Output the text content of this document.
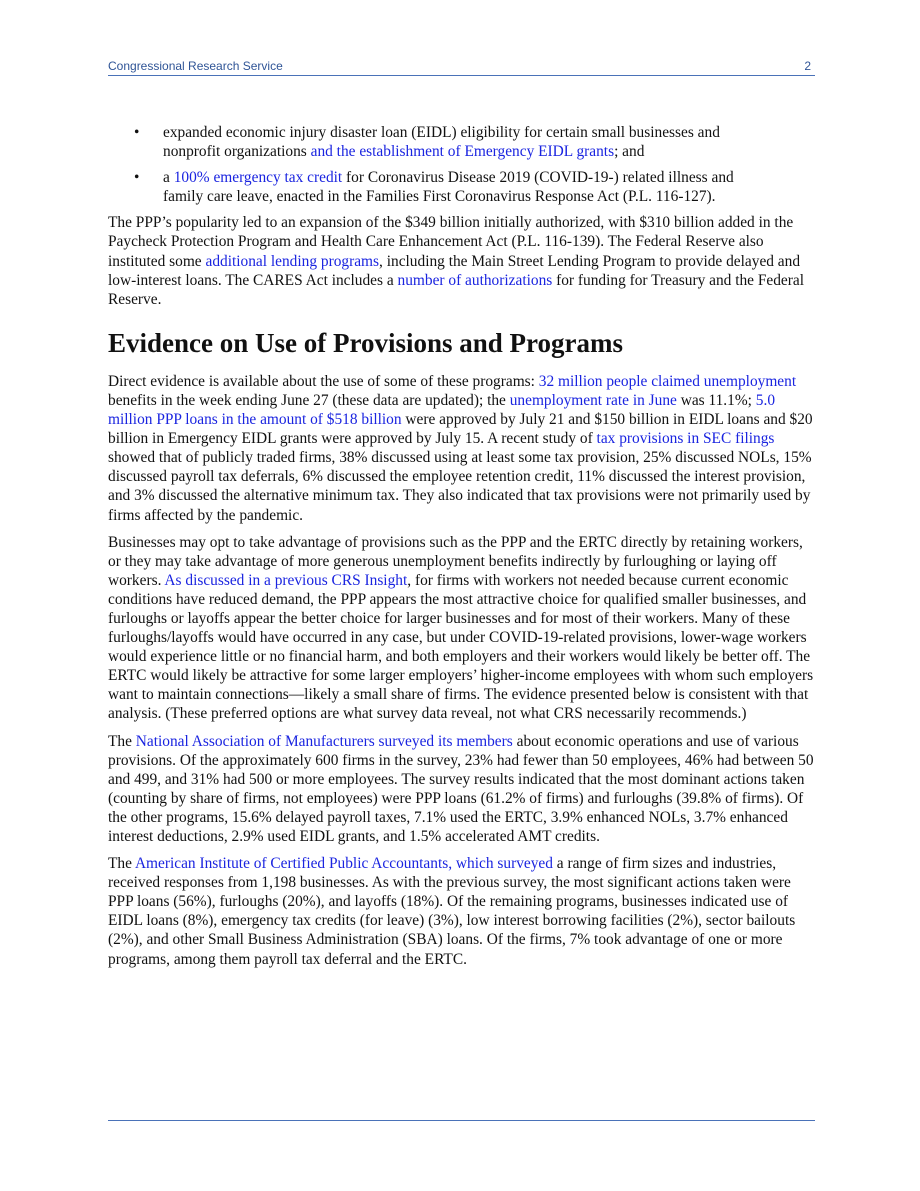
Congressional Research Service	2
• expanded economic injury disaster loan (EIDL) eligibility for certain small businesses and nonprofit organizations and the establishment of Emergency EIDL grants; and
• a 100% emergency tax credit for Coronavirus Disease 2019 (COVID-19-) related illness and family care leave, enacted in the Families First Coronavirus Response Act (P.L. 116-127).

The PPP’s popularity led to an expansion of the $349 billion initially authorized, with $310 billion added in the Paycheck Protection Program and Health Care Enhancement Act (P.L. 116-139). The Federal Reserve also instituted some additional lending programs, including the Main Street Lending Program to provide delayed and low-interest loans. The CARES Act includes a number of authorizations for funding for Treasury and the Federal Reserve.

Evidence on Use of Provisions and Programs

Direct evidence is available about the use of some of these programs: 32 million people claimed unemployment benefits in the week ending June 27 (these data are updated); the unemployment rate in June was 11.1%; 5.0 million PPP loans in the amount of $518 billion were approved by July 21 and $150 billion in EIDL loans and $20 billion in Emergency EIDL grants were approved by July 15. A recent study of tax provisions in SEC filings showed that of publicly traded firms, 38% discussed using at least some tax provision, 25% discussed NOLs, 15% discussed payroll tax deferrals, 6% discussed the employee retention credit, 11% discussed the interest provision, and 3% discussed the alternative minimum tax. They also indicated that tax provisions were not primarily used by firms affected by the pandemic.

Businesses may opt to take advantage of provisions such as the PPP and the ERTC directly by retaining workers, or they may take advantage of more generous unemployment benefits indirectly by furloughing or laying off workers. As discussed in a previous CRS Insight, for firms with workers not needed because current economic conditions have reduced demand, the PPP appears the most attractive choice for qualified smaller businesses, and furloughs or layoffs appear the better choice for larger businesses and for most of their workers. Many of these furloughs/layoffs would have occurred in any case, but under COVID-19-related provisions, lower-wage workers would experience little or no financial harm, and both employers and their workers would likely be better off. The ERTC would likely be attractive for some larger employers’ higher-income employees with whom such employers want to maintain connections—likely a small share of firms. The evidence presented below is consistent with that analysis. (These preferred options are what survey data reveal, not what CRS necessarily recommends.)

The National Association of Manufacturers surveyed its members about economic operations and use of various provisions. Of the approximately 600 firms in the survey, 23% had fewer than 50 employees, 46% had between 50 and 499, and 31% had 500 or more employees. The survey results indicated that the most dominant actions taken (counting by share of firms, not employees) were PPP loans (61.2% of firms) and furloughs (39.8% of firms). Of the other programs, 15.6% delayed payroll taxes, 7.1% used the ERTC, 3.9% enhanced NOLs, 3.7% enhanced interest deductions, 2.9% used EIDL grants, and 1.5% accelerated AMT credits.

The American Institute of Certified Public Accountants, which surveyed a range of firm sizes and industries, received responses from 1,198 businesses. As with the previous survey, the most significant actions taken were PPP loans (56%), furloughs (20%), and layoffs (18%). Of the remaining programs, businesses indicated use of EIDL loans (8%), emergency tax credits (for leave) (3%), low interest borrowing facilities (2%), sector bailouts (2%), and other Small Business Administration (SBA) loans. Of the firms, 7% took advantage of one or more programs, among them payroll tax deferral and the ERTC.
